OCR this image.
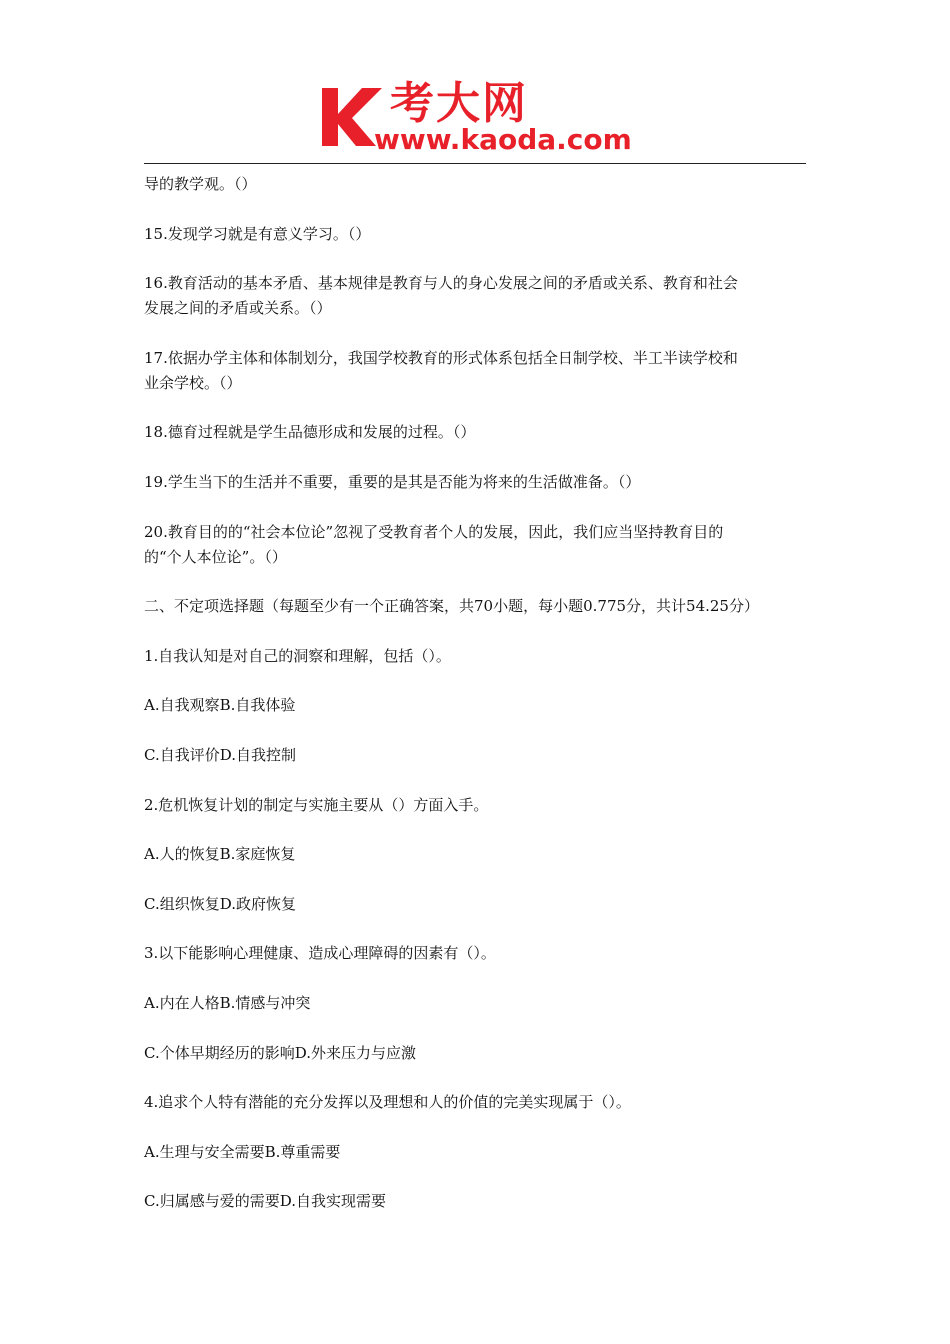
考大网
www.kaoda.com
导的教学观。（）
15.发现学习就是有意义学习。（）
16.教育活动的基本矛盾、基本规律是教育与人的身心发展之间的矛盾或关系、教育和社会
发展之间的矛盾或关系。（）
17.依据办学主体和体制划分，我国学校教育的形式体系包括全日制学校、半工半读学校和
业余学校。（）
18.德育过程就是学生品德形成和发展的过程。（）
19.学生当下的生活并不重要，重要的是其是否能为将来的生活做准备。（）
20.教育目的的“社会本位论”忽视了受教育者个人的发展，因此，我们应当坚持教育目的
的“个人本位论”。（）
二、不定项选择题（每题至少有一个正确答案，共70小题，每小题0.775分，共计54.25分）
1.自我认知是对自己的洞察和理解，包括（）。
A.自我观察B.自我体验
C.自我评价D.自我控制
2.危机恢复计划的制定与实施主要从（）方面入手。
A.人的恢复B.家庭恢复
C.组织恢复D.政府恢复
3.以下能影响心理健康、造成心理障碍的因素有（）。
A.内在人格B.情感与冲突
C.个体早期经历的影响D.外来压力与应激
4.追求个人特有潜能的充分发挥以及理想和人的价值的完美实现属于（）。
A.生理与安全需要B.尊重需要
C.归属感与爱的需要D.自我实现需要
